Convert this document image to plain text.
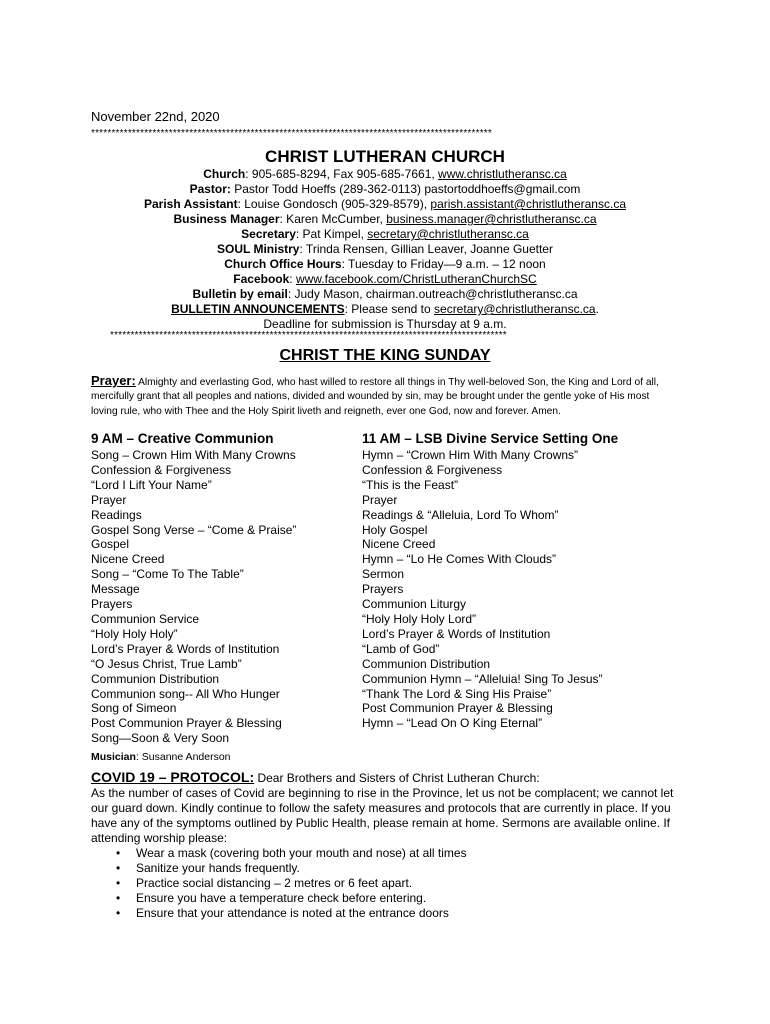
November 22nd, 2020
**************************************************************************************************
CHRIST LUTHERAN CHURCH
Church: 905-685-8294, Fax 905-685-7661, www.christlutheransc.ca
Pastor: Pastor Todd Hoeffs (289-362-0113) pastortoddhoeffs@gmail.com
Parish Assistant: Louise Gondosch (905-329-8579), parish.assistant@christlutheransc.ca
Business Manager: Karen McCumber, business.manager@christlutheransc.ca
Secretary: Pat Kimpel, secretary@christlutheransc.ca
SOUL Ministry: Trinda Rensen, Gillian Leaver, Joanne Guetter
Church Office Hours: Tuesday to Friday—9 a.m. – 12 noon
Facebook: www.facebook.com/ChristLutheranChurchSC
Bulletin by email: Judy Mason, chairman.outreach@christlutheransc.ca
BULLETIN ANNOUNCEMENTS: Please send to secretary@christlutheransc.ca.
Deadline for submission is Thursday at 9 a.m.
*************************************************************************************************
CHRIST THE KING SUNDAY
Prayer: Almighty and everlasting God, who hast willed to restore all things in Thy well-beloved Son, the King and Lord of all, mercifully grant that all peoples and nations, divided and wounded by sin, may be brought under the gentle yoke of His most loving rule, who with Thee and the Holy Spirit liveth and reigneth, ever one God, now and forever. Amen.
9 AM – Creative Communion
Song – Crown Him With Many Crowns
Confession & Forgiveness
“Lord I Lift Your Name”
Prayer
Readings
Gospel Song Verse – “Come & Praise”
Gospel
Nicene Creed
Song – “Come To The Table”
Message
Prayers
Communion Service
“Holy Holy Holy”
Lord’s Prayer & Words of Institution
“O Jesus Christ, True Lamb”
Communion Distribution
Communion song-- All Who Hunger
Song of Simeon
Post Communion Prayer & Blessing
Song—Soon & Very Soon
11 AM – LSB Divine Service Setting One
Hymn – “Crown Him With Many Crowns”
Confession & Forgiveness
“This is the Feast”
Prayer
Readings & “Alleluia, Lord To Whom”
Holy Gospel
Nicene Creed
Hymn – “Lo He Comes With Clouds”
Sermon
Prayers
Communion Liturgy
“Holy Holy Holy Lord”
Lord’s Prayer & Words of Institution
“Lamb of God”
Communion Distribution
Communion Hymn – “Alleluia! Sing To Jesus”
“Thank The Lord & Sing His Praise”
Post Communion Prayer & Blessing
Hymn – “Lead On O King Eternal”
Musician: Susanne Anderson
COVID 19 – PROTOCOL: Dear Brothers and Sisters of Christ Lutheran Church:
As the number of cases of Covid are beginning to rise in the Province, let us not be complacent; we cannot let our guard down. Kindly continue to follow the safety measures and protocols that are currently in place. If you have any of the symptoms outlined by Public Health, please remain at home. Sermons are available online. If attending worship please:
• Wear a mask (covering both your mouth and nose) at all times
• Sanitize your hands frequently.
• Practice social distancing – 2 metres or 6 feet apart.
• Ensure you have a temperature check before entering.
• Ensure that your attendance is noted at the entrance doors
